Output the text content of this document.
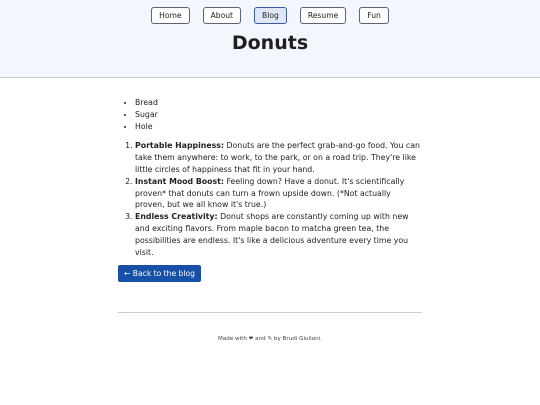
Home	About	Blog	Resume	Fun
Donuts
• Bread
• Sugar
• Hole
1. Portable Happiness: Donuts are the perfect grab-and-go food. You can take them anywhere: to work, to the park, or on a road trip. They're like little circles of happiness that fit in your hand.
2. Instant Mood Boost: Feeling down? Have a donut. It's scientifically proven* that donuts can turn a frown upside down. (*Not actually proven, but we all know it's true.)
3. Endless Creativity: Donut shops are constantly coming up with new and exciting flavors. From maple bacon to matcha green tea, the possibilities are endless. It's like a delicious adventure every time you visit.
← Back to the blog
Made with ❤ and ✎ by Brudi Giuliani.
